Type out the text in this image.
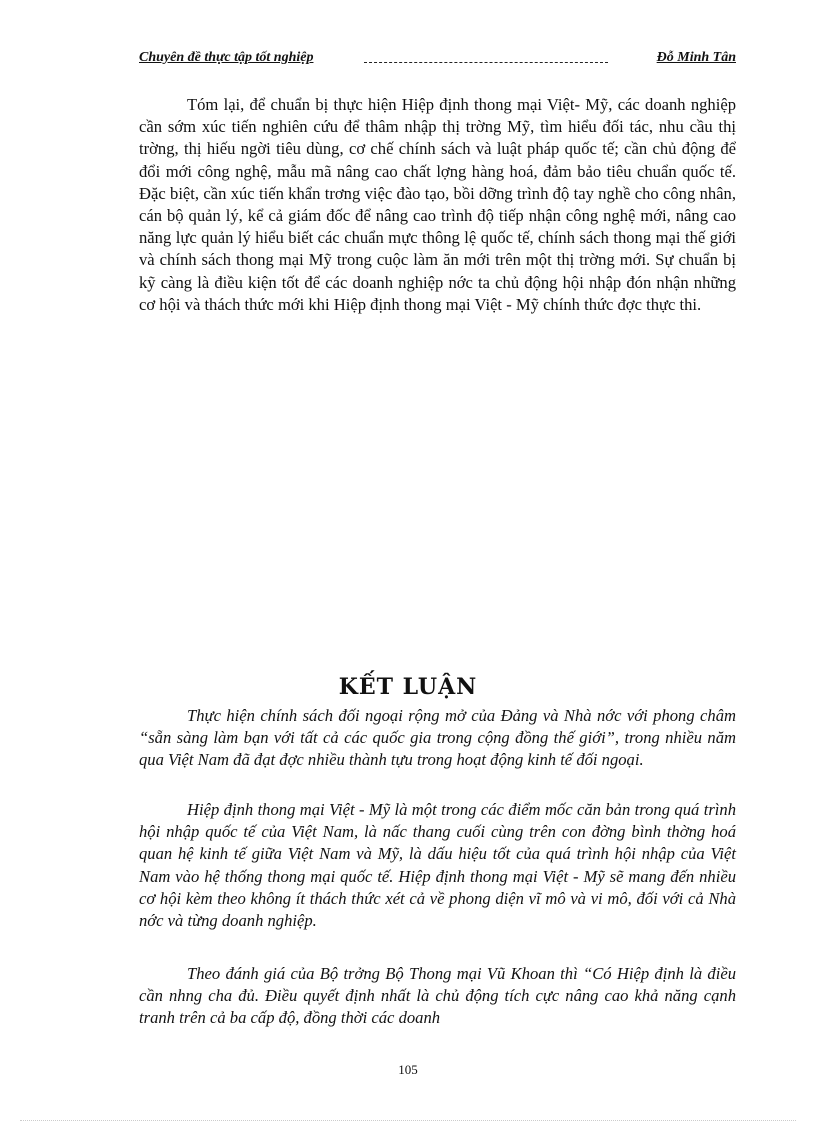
Chuyên đề thực tập tốt nghiệp	Đỗ Minh Tân

Tóm lại, để chuẩn bị thực hiện Hiệp định thong mại Việt- Mỹ, các doanh nghiệp cần sớm xúc tiến nghiên cứu để thâm nhập thị trờng Mỹ, tìm hiểu đối tác, nhu cầu thị trờng, thị hiếu ngời tiêu dùng, cơ chế chính sách và luật pháp quốc tế; cần chủ động để đổi mới công nghệ, mẫu mã nâng cao chất lợng hàng hoá, đảm bảo tiêu chuẩn quốc tế. Đặc biệt, cần xúc tiến khẩn trơng việc đào tạo, bồi dỡng trình độ tay nghề cho công nhân, cán bộ quản lý, kể cả giám đốc để nâng cao trình độ tiếp nhận công nghệ mới, nâng cao năng lực quản lý hiểu biết các chuẩn mực thông lệ quốc tế, chính sách thong mại thế giới và chính sách thong mại Mỹ trong cuộc làm ăn mới trên một thị trờng mới. Sự chuẩn bị kỹ càng là điều kiện tốt để các doanh nghiệp nớc ta chủ động hội nhập đón nhận những cơ hội và thách thức mới khi Hiệp định thong mại Việt - Mỹ chính thức đợc thực thi.

KẾT LUẬN

Thực hiện chính sách đối ngoại rộng mở của Đảng và Nhà nớc với phong châm “sẵn sàng làm bạn với tất cả các quốc gia trong cộng đồng thế giới”, trong nhiều năm qua Việt Nam đã đạt đợc nhiều thành tựu trong hoạt động kinh tế đối ngoại.

Hiệp định thong mại Việt - Mỹ là một trong các điểm mốc căn bản trong quá trình hội nhập quốc tế của Việt Nam, là nấc thang cuối cùng trên con đờng bình thờng hoá quan hệ kinh tế giữa Việt Nam và Mỹ, là dấu hiệu tốt của quá trình hội nhập của Việt Nam vào hệ thống thong mại quốc tế. Hiệp định thong mại Việt - Mỹ sẽ mang đến nhiều cơ hội kèm theo không ít thách thức xét cả về phong diện vĩ mô và vi mô, đối với cả Nhà nớc và từng doanh nghiệp.

Theo đánh giá của Bộ trởng Bộ Thong mại Vũ Khoan thì “Có Hiệp định là điều cần nhng cha đủ. Điều quyết định nhất là chủ động tích cực nâng cao khả năng cạnh tranh trên cả ba cấp độ, đồng thời các doanh

105
